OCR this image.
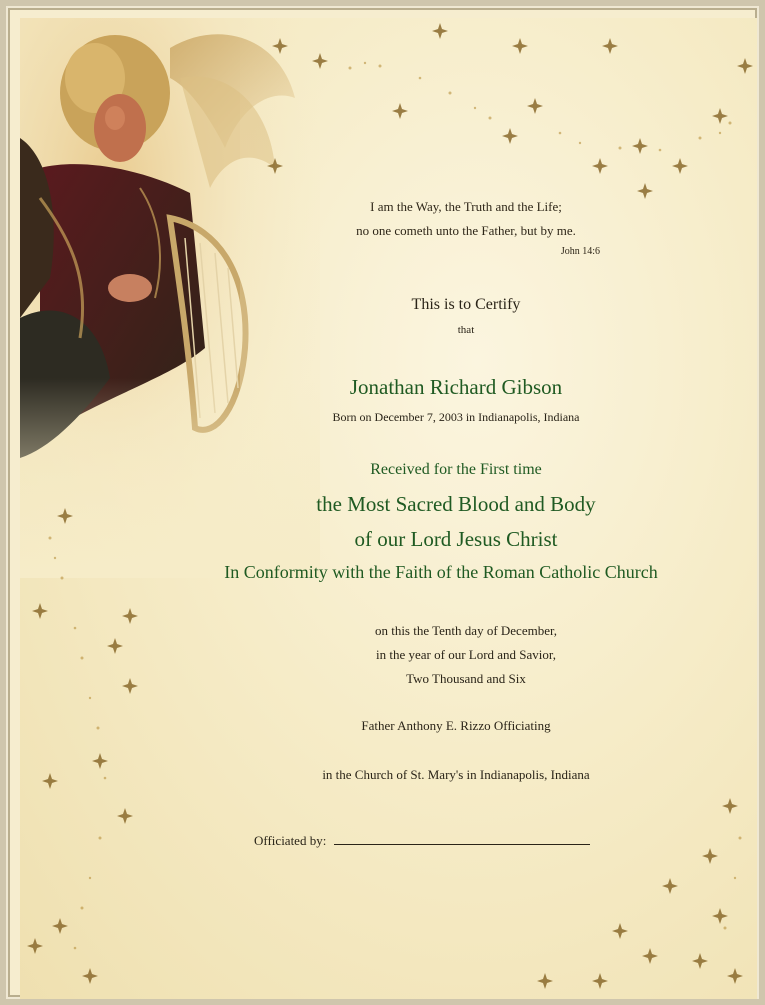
I am the Way, the Truth and the Life;
no one cometh unto the Father, but by me.
John 14:6
This is to Certify
that
Jonathan Richard Gibson
Born on December 7, 2003 in Indianapolis, Indiana
Received for the First time
the Most Sacred Blood and Body
of our Lord Jesus Christ
In Conformity with the Faith of the Roman Catholic Church
on this the Tenth day of December,
in the year of our Lord and Savior,
Two Thousand and Six
Father Anthony E. Rizzo Officiating
in the Church of St. Mary's in Indianapolis, Indiana
Officiated by:
